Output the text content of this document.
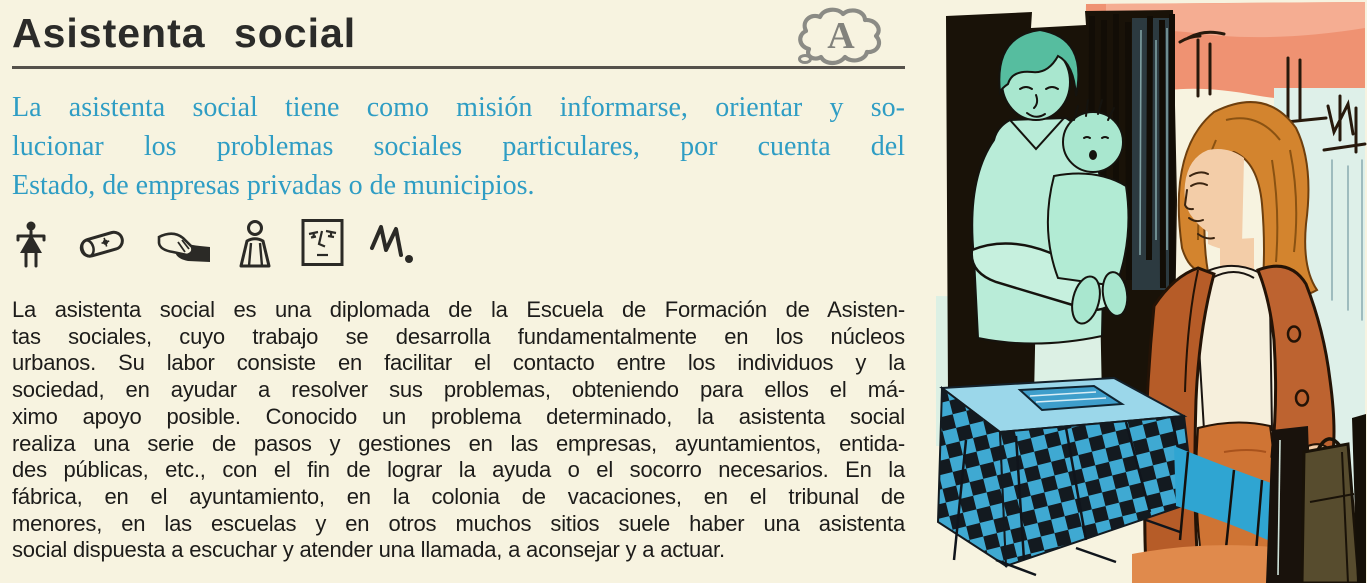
Asistenta social
La asistenta social tiene como misión informarse, orientar y so-
lucionar los problemas sociales particulares, por cuenta del
Estado, de empresas privadas o de municipios.
La asistenta social es una diplomada de la Escuela de Formación de Asisten-
tas sociales, cuyo trabajo se desarrolla fundamentalmente en los núcleos
urbanos. Su labor consiste en facilitar el contacto entre los individuos y la
sociedad, en ayudar a resolver sus problemas, obteniendo para ellos el má-
ximo apoyo posible. Conocido un problema determinado, la asistenta social
realiza una serie de pasos y gestiones en las empresas, ayuntamientos, entida-
des públicas, etc., con el fin de lograr la ayuda o el socorro necesarios. En la
fábrica, en el ayuntamiento, en la colonia de vacaciones, en el tribunal de
menores, en las escuelas y en otros muchos sitios suele haber una asistenta
social dispuesta a escuchar y atender una llamada, a aconsejar y a actuar.
A
